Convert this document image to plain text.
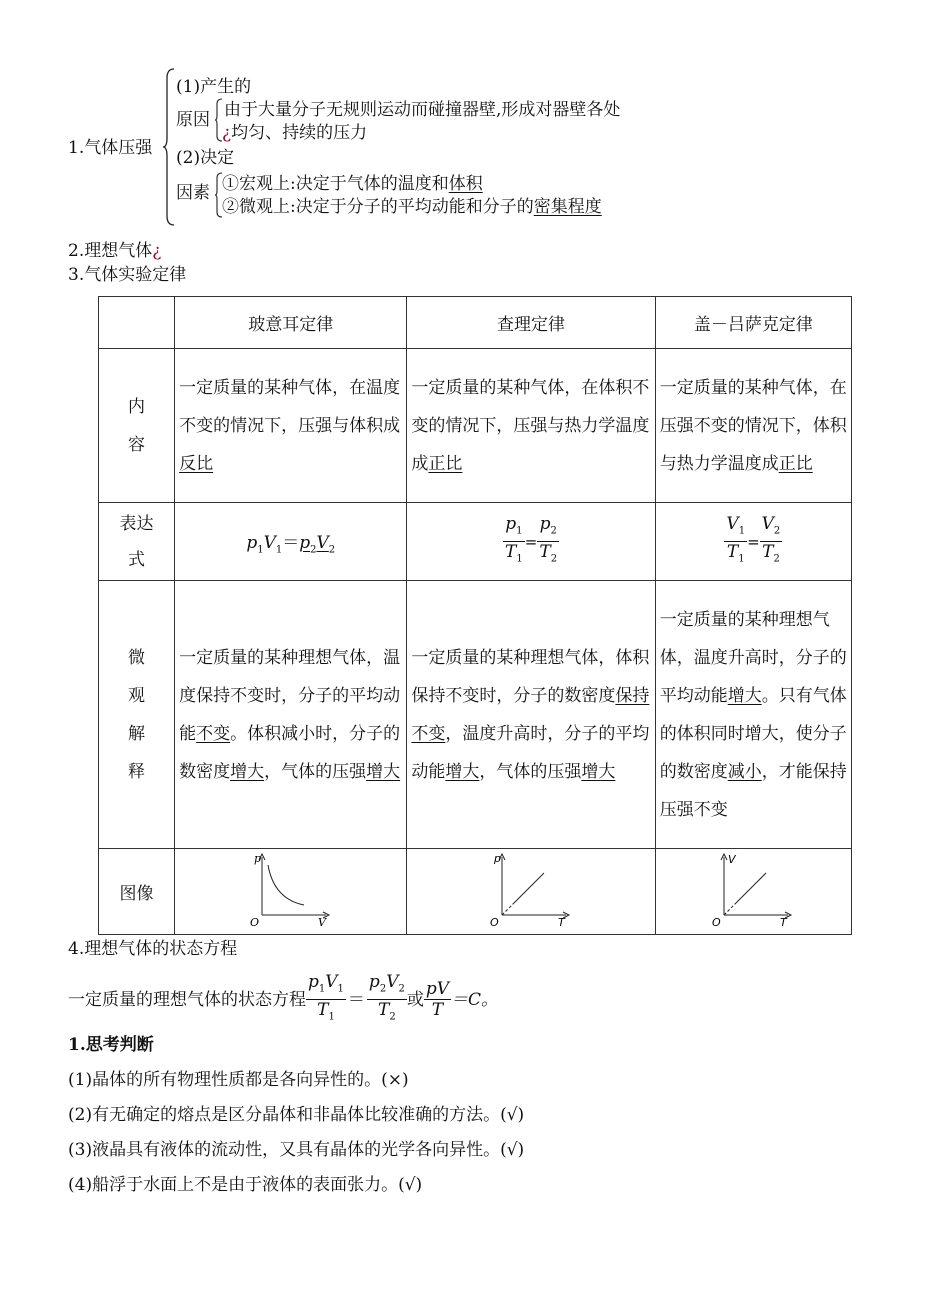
1.气体压强
(1)产生的
原因 由于大量分子无规则运动而碰撞器壁,形成对器壁各处
¿均匀、持续的压力
(2)决定
因素 ①宏观上:决定于气体的温度和体积
②微观上:决定于分子的平均动能和分子的密集程度
2.理想气体¿
3.气体实验定律
	玻意耳定律	查理定律	盖－吕萨克定律
内
容	一定质量的某种气体，在温度不变的情况下，压强与体积成反比	一定质量的某种气体，在体积不变的情况下，压强与热力学温度成正比	一定质量的某种气体，在压强不变的情况下，体积与热力学温度成正比
表达
式	$p_1V_1=p_2V_2$	$\frac{p_1}{T_1} = \frac{p_2}{T_2}$	$\frac{V_1}{T_1} = \frac{V_2}{T_2}$

微
观
解
释	一定质量的某种理想气体，温度保持不变时，分子的平均动能不变。体积减小时，分子的数密度增大，气体的压强增大	一定质量的某种理想气体，体积保持不变时，分子的数密度保持不变，温度升高时，分子的平均动能增大，气体的压强增大	一定质量的某种理想气体，温度升高时，分子的平均动能增大。只有气体的体积同时增大，使分子的数密度减小，才能保持压强不变
图像	p
V
O	p
T
O	V
T
O
4.理想气体的状态方程
一定质量的理想气体的状态方程 $\frac{p_1V_1}{T_1} = \frac{p_2V_2}{T_2}$ 或 $\frac{pV}{T} =C$。
1.思考判断
(1)晶体的所有物理性质都是各向异性的。(×)
(2)有无确定的熔点是区分晶体和非晶体比较准确的方法。(√)
(3)液晶具有液体的流动性，又具有晶体的光学各向异性。(√)
(4)船浮于水面上不是由于液体的表面张力。(√)
